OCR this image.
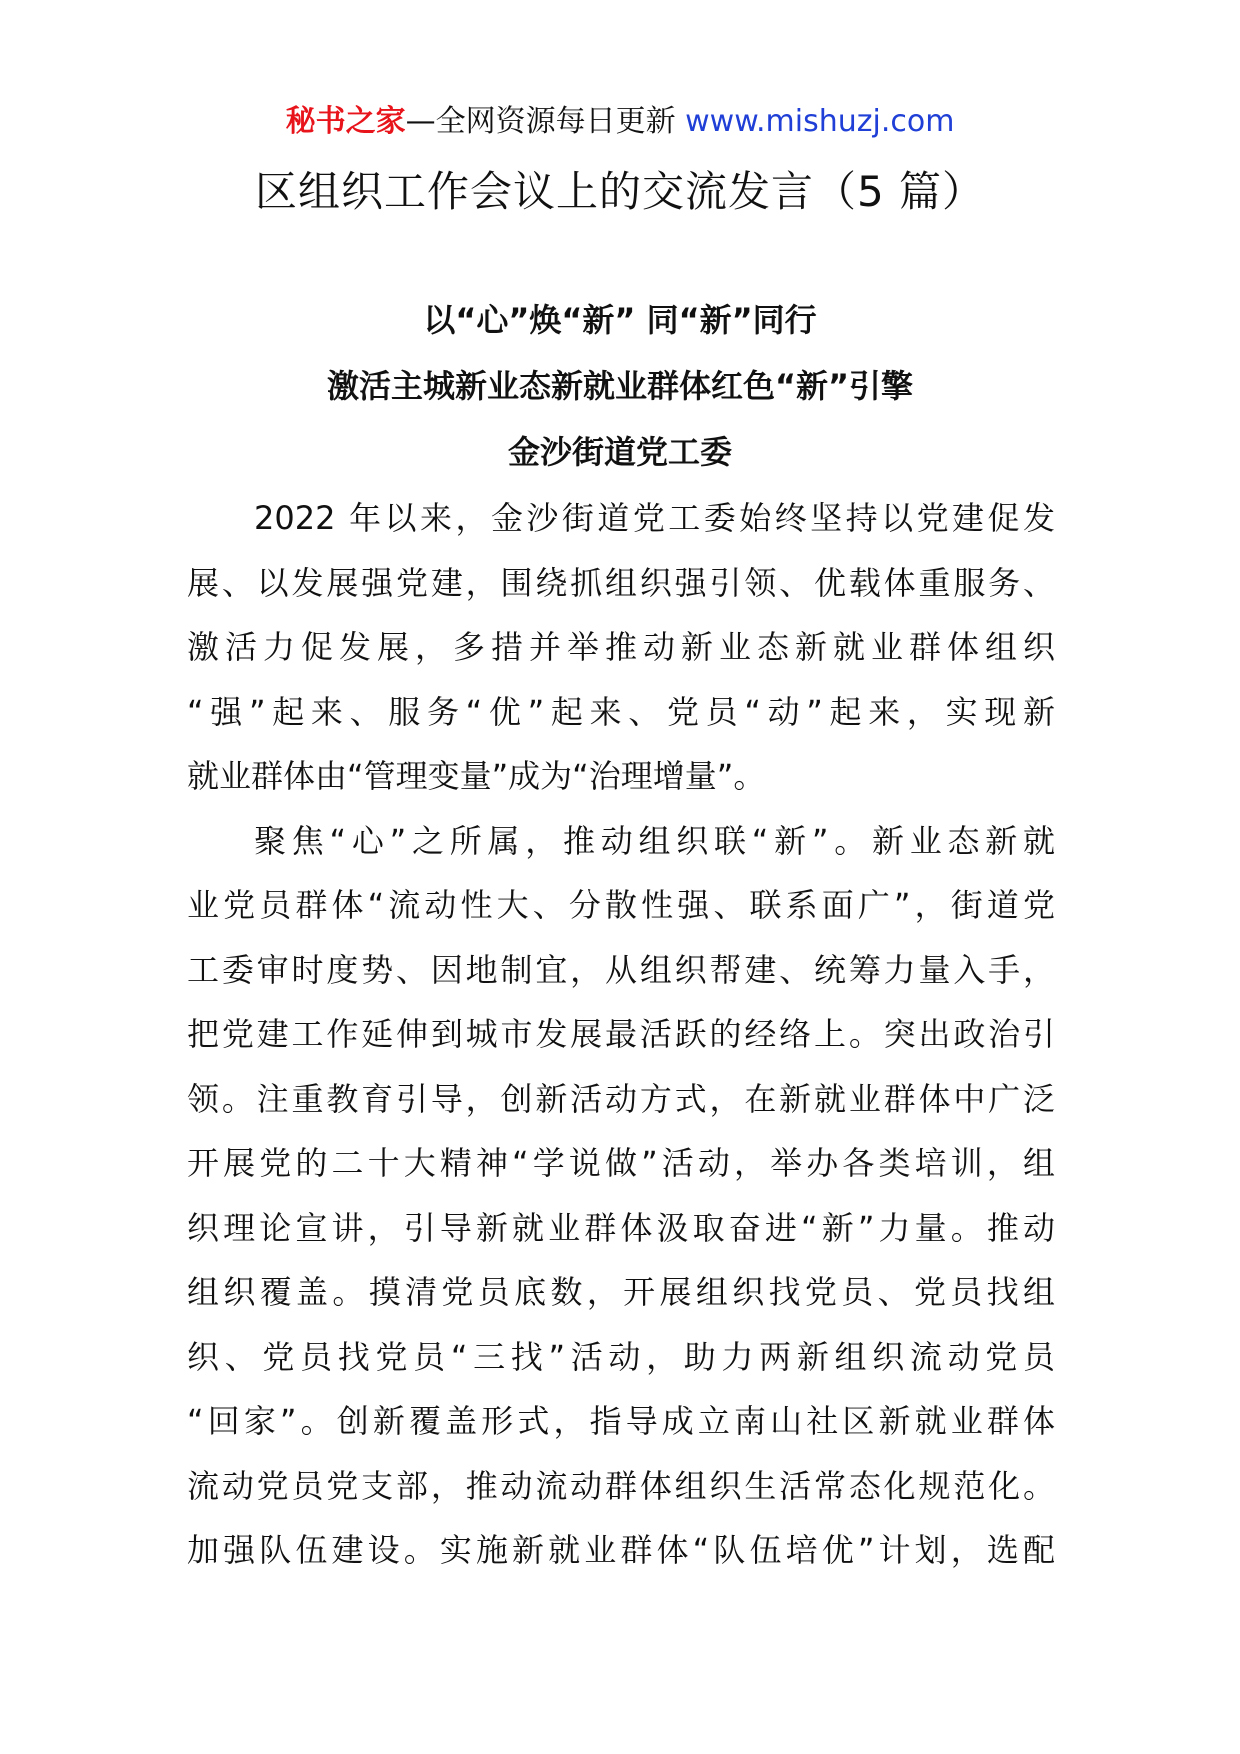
秘书之家—全网资源每日更新 www.mishuzj.com
区组织工作会议上的交流发言（5 篇）
以“心”焕“新” 同“新”同行
激活主城新业态新就业群体红色“新”引擎
金沙街道党工委
2022 年以来，金沙街道党工委始终坚持以党建促发
展、以发展强党建，围绕抓组织强引领、优载体重服务、
激活力促发展，多措并举推动新业态新就业群体组织
“强”起来、服务“优”起来、党员“动”起来，实现新
就业群体由“管理变量”成为“治理增量”。
聚焦“心”之所属，推动组织联“新”。新业态新就
业党员群体“流动性大、分散性强、联系面广”，街道党
工委审时度势、因地制宜，从组织帮建、统筹力量入手，
把党建工作延伸到城市发展最活跃的经络上。突出政治引
领。注重教育引导，创新活动方式，在新就业群体中广泛
开展党的二十大精神“学说做”活动，举办各类培训，组
织理论宣讲，引导新就业群体汲取奋进“新”力量。推动
组织覆盖。摸清党员底数，开展组织找党员、党员找组
织、党员找党员“三找”活动，助力两新组织流动党员
“回家”。创新覆盖形式，指导成立南山社区新就业群体
流动党员党支部，推动流动群体组织生活常态化规范化。
加强队伍建设。实施新就业群体“队伍培优”计划，选配
